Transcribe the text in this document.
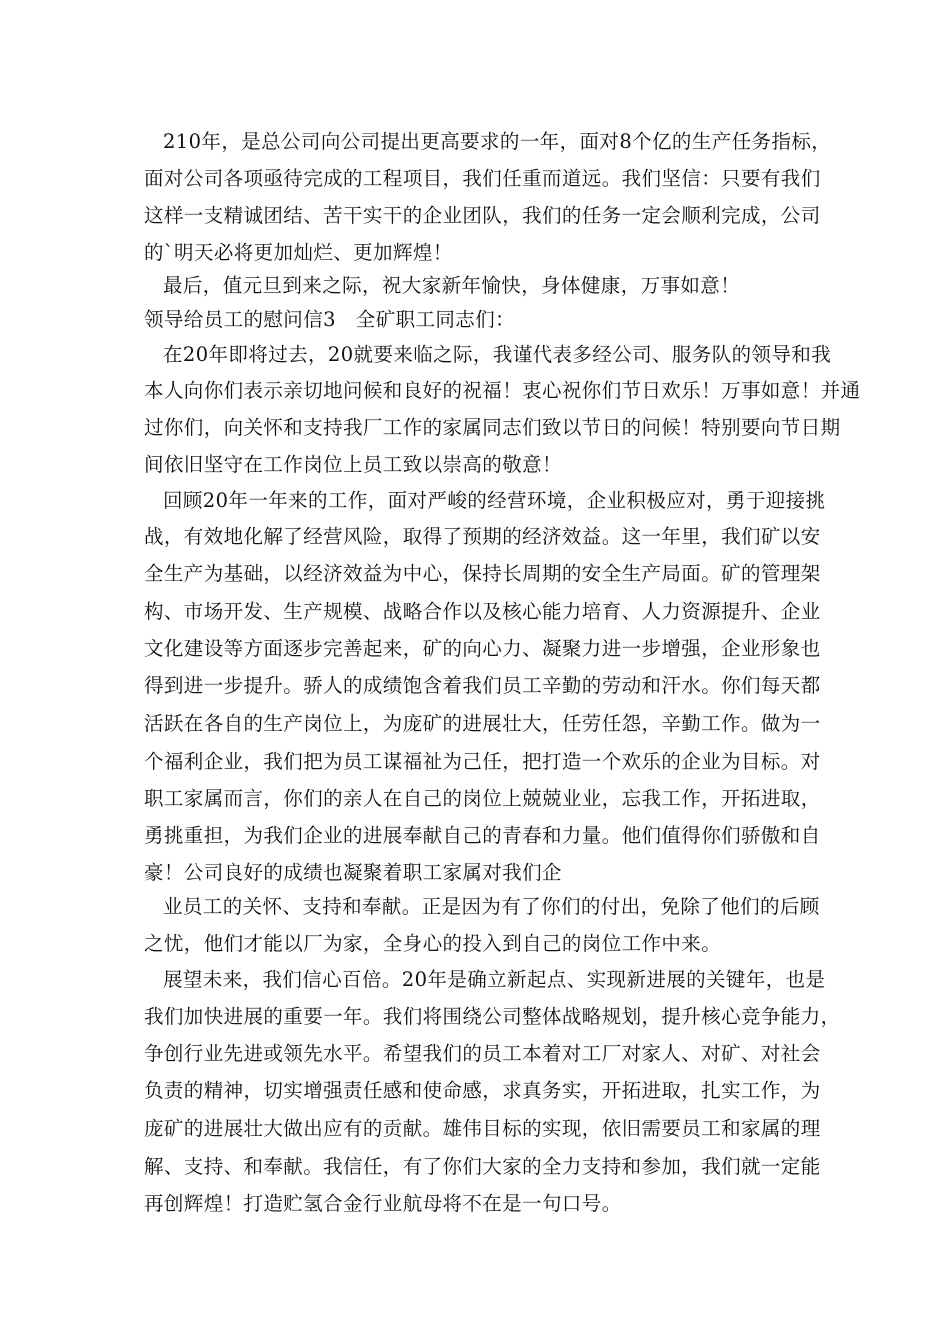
210年，是总公司向公司提出更高要求的一年，面对8个亿的生产任务指标，
面对公司各项亟待完成的工程项目，我们任重而道远。我们坚信：只要有我们
这样一支精诚团结、苦干实干的企业团队，我们的任务一定会顺利完成，公司
的`明天必将更加灿烂、更加辉煌！
最后，值元旦到来之际，祝大家新年愉快，身体健康，万事如意！
领导给员工的慰问信3　全矿职工同志们：
在20年即将过去，20就要来临之际，我谨代表多经公司、服务队的领导和我
本人向你们表示亲切地问候和良好的祝福！衷心祝你们节日欢乐！万事如意！并通
过你们，向关怀和支持我厂工作的家属同志们致以节日的问候！特别要向节日期
间依旧坚守在工作岗位上员工致以崇高的敬意！
回顾20年一年来的工作，面对严峻的经营环境，企业积极应对，勇于迎接挑
战，有效地化解了经营风险，取得了预期的经济效益。这一年里，我们矿以安
全生产为基础，以经济效益为中心，保持长周期的安全生产局面。矿的管理架
构、市场开发、生产规模、战略合作以及核心能力培育、人力资源提升、企业
文化建设等方面逐步完善起来，矿的向心力、凝聚力进一步增强，企业形象也
得到进一步提升。骄人的成绩饱含着我们员工辛勤的劳动和汗水。你们每天都
活跃在各自的生产岗位上，为庞矿的进展壮大，任劳任怨，辛勤工作。做为一
个福利企业，我们把为员工谋福祉为己任，把打造一个欢乐的企业为目标。对
职工家属而言，你们的亲人在自己的岗位上兢兢业业，忘我工作，开拓进取，
勇挑重担，为我们企业的进展奉献自己的青春和力量。他们值得你们骄傲和自
豪！公司良好的成绩也凝聚着职工家属对我们企
业员工的关怀、支持和奉献。正是因为有了你们的付出，免除了他们的后顾
之忧，他们才能以厂为家，全身心的投入到自己的岗位工作中来。
展望未来，我们信心百倍。20年是确立新起点、实现新进展的关键年，也是
我们加快进展的重要一年。我们将围绕公司整体战略规划，提升核心竞争能力，
争创行业先进或领先水平。希望我们的员工本着对工厂对家人、对矿、对社会
负责的精神，切实增强责任感和使命感，求真务实，开拓进取，扎实工作，为
庞矿的进展壮大做出应有的贡献。雄伟目标的实现，依旧需要员工和家属的理
解、支持、和奉献。我信任，有了你们大家的全力支持和参加，我们就一定能
再创辉煌！打造贮氢合金行业航母将不在是一句口号。
